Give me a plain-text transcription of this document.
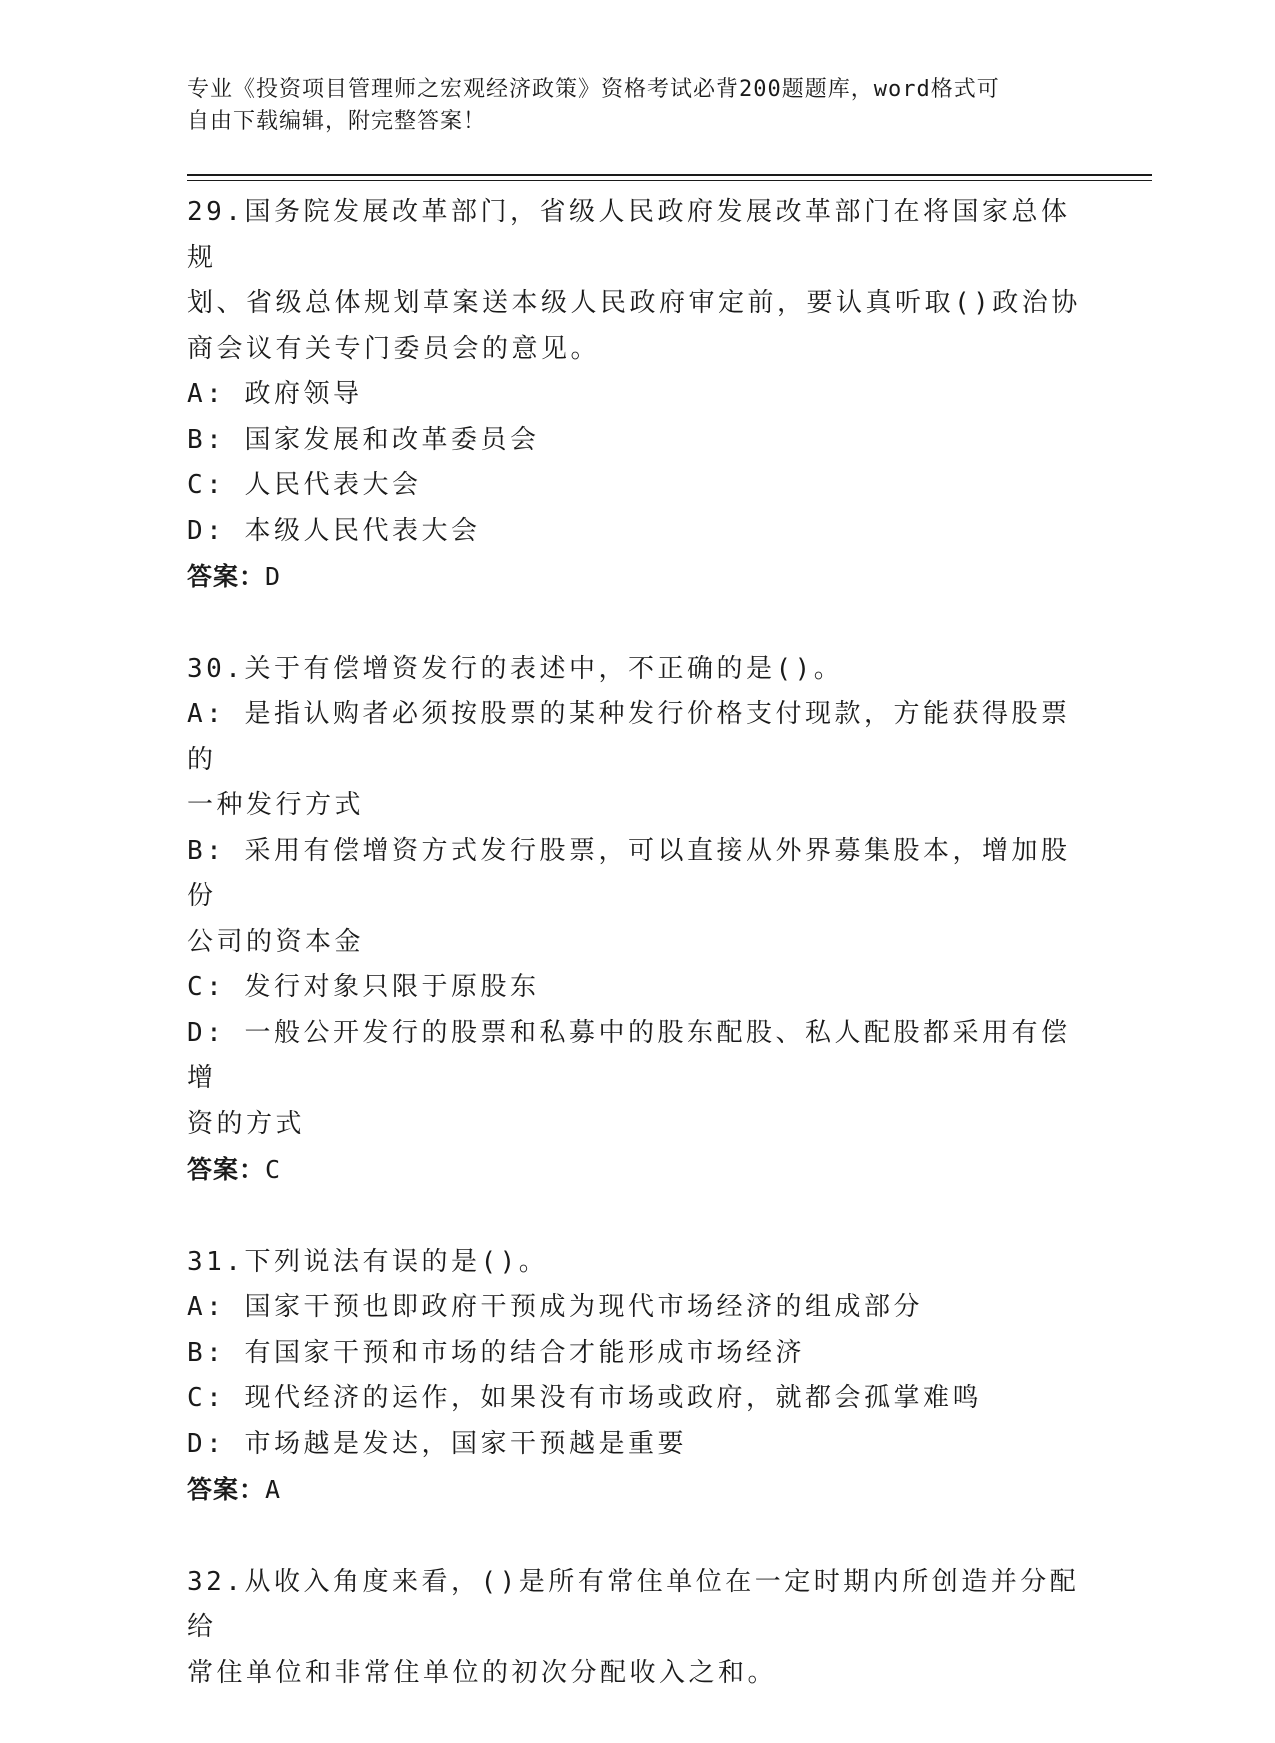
专业《投资项目管理师之宏观经济政策》资格考试必背200题题库，word格式可
自由下载编辑，附完整答案！
29.国务院发展改革部门，省级人民政府发展改革部门在将国家总体规
划、省级总体规划草案送本级人民政府审定前，要认真听取()政治协
商会议有关专门委员会的意见。
A: 政府领导
B: 国家发展和改革委员会
C: 人民代表大会
D: 本级人民代表大会
答案：D
30.关于有偿增资发行的表述中，不正确的是()。
A: 是指认购者必须按股票的某种发行价格支付现款，方能获得股票的
一种发行方式
B: 采用有偿增资方式发行股票，可以直接从外界募集股本，增加股份
公司的资本金
C: 发行对象只限于原股东
D: 一般公开发行的股票和私募中的股东配股、私人配股都采用有偿增
资的方式
答案：C
31.下列说法有误的是()。
A: 国家干预也即政府干预成为现代市场经济的组成部分
B: 有国家干预和市场的结合才能形成市场经济
C: 现代经济的运作，如果没有市场或政府，就都会孤掌难鸣
D: 市场越是发达，国家干预越是重要
答案：A
32.从收入角度来看，()是所有常住单位在一定时期内所创造并分配给
常住单位和非常住单位的初次分配收入之和。
